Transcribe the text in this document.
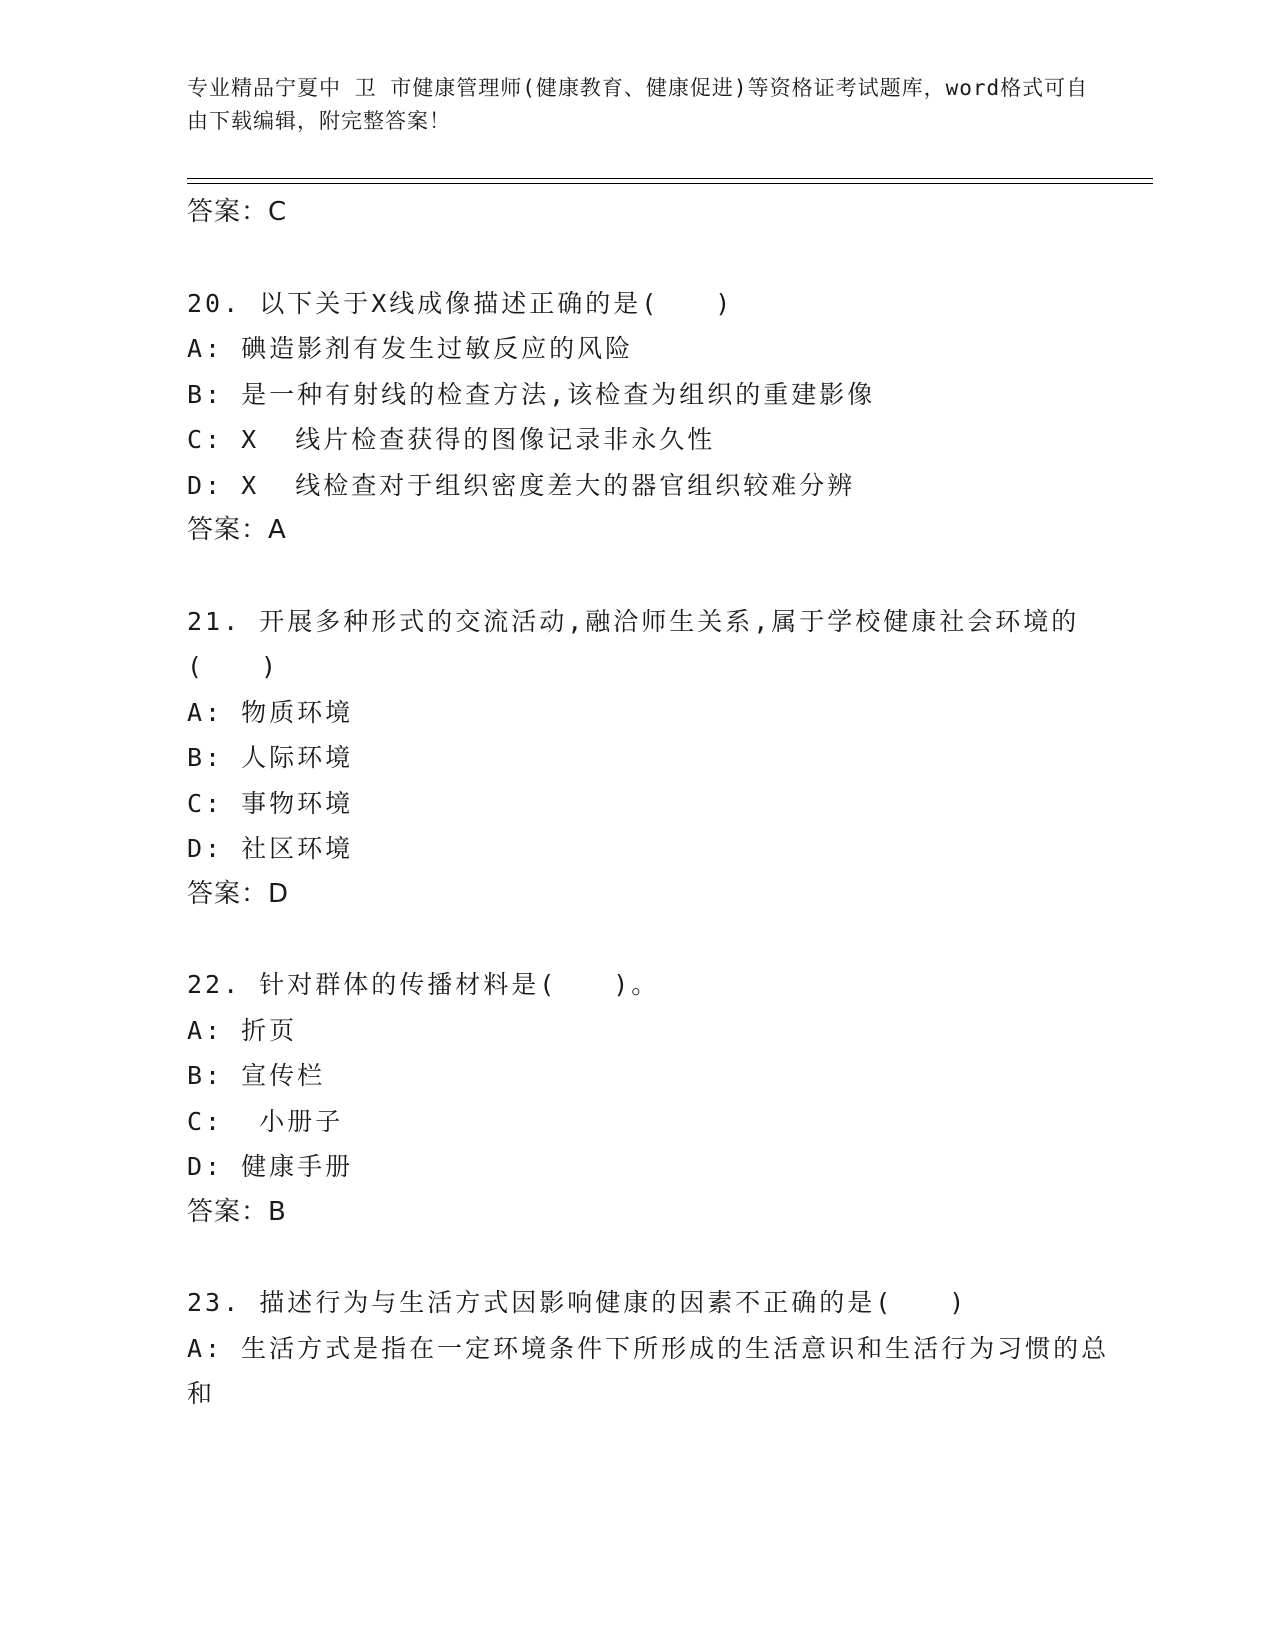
专业精品宁夏中 卫 市健康管理师(健康教育、健康促进)等资格证考试题库，word格式可自由下载编辑，附完整答案！
答案：C
20. 以下关于X线成像描述正确的是(　　)
A: 碘造影剂有发生过敏反应的风险
B: 是一种有射线的检查方法,该检查为组织的重建影像
C: X  线片检查获得的图像记录非永久性
D: X  线检查对于组织密度差大的器官组织较难分辨
答案：A
21. 开展多种形式的交流活动,融洽师生关系,属于学校健康社会环境的(　　)
A: 物质环境
B: 人际环境
C: 事物环境
D: 社区环境
答案：D
22. 针对群体的传播材料是(　　)。
A: 折页
B: 宣传栏
C:  小册子
D: 健康手册
答案：B
23. 描述行为与生活方式因影响健康的因素不正确的是(　　)
A: 生活方式是指在一定环境条件下所形成的生活意识和生活行为习惯的总和
